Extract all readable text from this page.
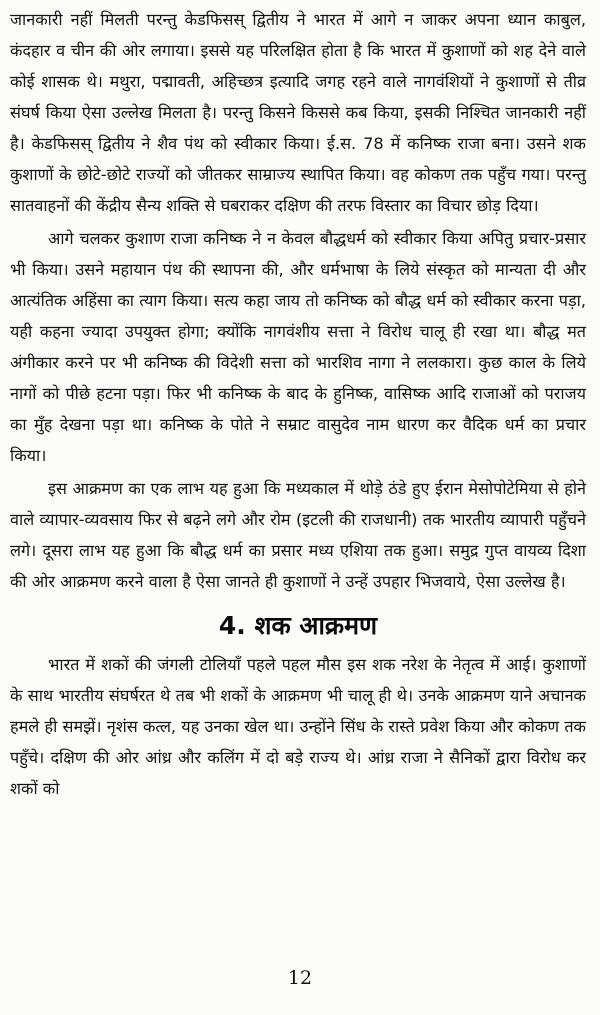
जानकारी नहीं मिलती परन्तु केडफिसस् द्वितीय ने भारत में आगे न जाकर अपना ध्यान काबुल, कंदहार व चीन की ओर लगाया। इससे यह परिलक्षित होता है कि भारत में कुशाणों को शह देने वाले कोई शासक थे। मथुरा, पद्मावती, अहिच्छत्र इत्यादि जगह रहने वाले नागवंशियों ने कुशाणों से तीव्र संघर्ष किया ऐसा उल्लेख मिलता है। परन्तु किसने किससे कब किया, इसकी निश्चित जानकारी नहीं है। केडफिसस् द्वितीय ने शैव पंथ को स्वीकार किया। ई.स. 78 में कनिष्क राजा बना। उसने शक कुशाणों के छोटे-छोटे राज्यों को जीतकर साम्राज्य स्थापित किया। वह कोकण तक पहुँच गया। परन्तु सातवाहनों की केंद्रीय सैन्य शक्ति से घबराकर दक्षिण की तरफ विस्तार का विचार छोड़ दिया।

आगे चलकर कुशाण राजा कनिष्क ने न केवल बौद्धधर्म को स्वीकार किया अपितु प्रचार-प्रसार भी किया। उसने महायान पंथ की स्थापना की, और धर्मभाषा के लिये संस्कृत को मान्यता दी और आत्यंतिक अहिंसा का त्याग किया। सत्य कहा जाय तो कनिष्क को बौद्ध धर्म को स्वीकार करना पड़ा, यही कहना ज्यादा उपयुक्त होगा; क्योंकि नागवंशीय सत्ता ने विरोध चालू ही रखा था। बौद्ध मत अंगीकार करने पर भी कनिष्क की विदेशी सत्ता को भारशिव नागा ने ललकारा। कुछ काल के लिये नागों को पीछे हटना पड़ा। फिर भी कनिष्क के बाद के हुनिष्क, वासिष्क आदि राजाओं को पराजय का मुँह देखना पड़ा था। कनिष्क के पोते ने सम्राट वासुदेव नाम धारण कर वैदिक धर्म का प्रचार किया।

इस आक्रमण का एक लाभ यह हुआ कि मध्यकाल में थोड़े ठंडे हुए ईरान मेसोपोटेमिया से होने वाले व्यापार-व्यवसाय फिर से बढ़ने लगे और रोम (इटली की राजधानी) तक भारतीय व्यापारी पहुँचने लगे। दूसरा लाभ यह हुआ कि बौद्ध धर्म का प्रसार मध्य एशिया तक हुआ। समुद्र गुप्त वायव्य दिशा की ओर आक्रमण करने वाला है ऐसा जानते ही कुशाणों ने उन्हें उपहार भिजवाये, ऐसा उल्लेख है।

4. शक आक्रमण

भारत में शकों की जंगली टोलियाँ पहले पहल मौस इस शक नरेश के नेतृत्व में आई। कुशाणों के साथ भारतीय संघर्षरत थे तब भी शकों के आक्रमण भी चालू ही थे। उनके आक्रमण याने अचानक हमले ही समझें। नृशंस कत्ल, यह उनका खेल था। उन्होंने सिंध के रास्ते प्रवेश किया और कोकण तक पहुँचे। दक्षिण की ओर आंध्र और कलिंग में दो बड़े राज्य थे। आंध्र राजा ने सैनिकों द्वारा विरोध कर शकों को

12
